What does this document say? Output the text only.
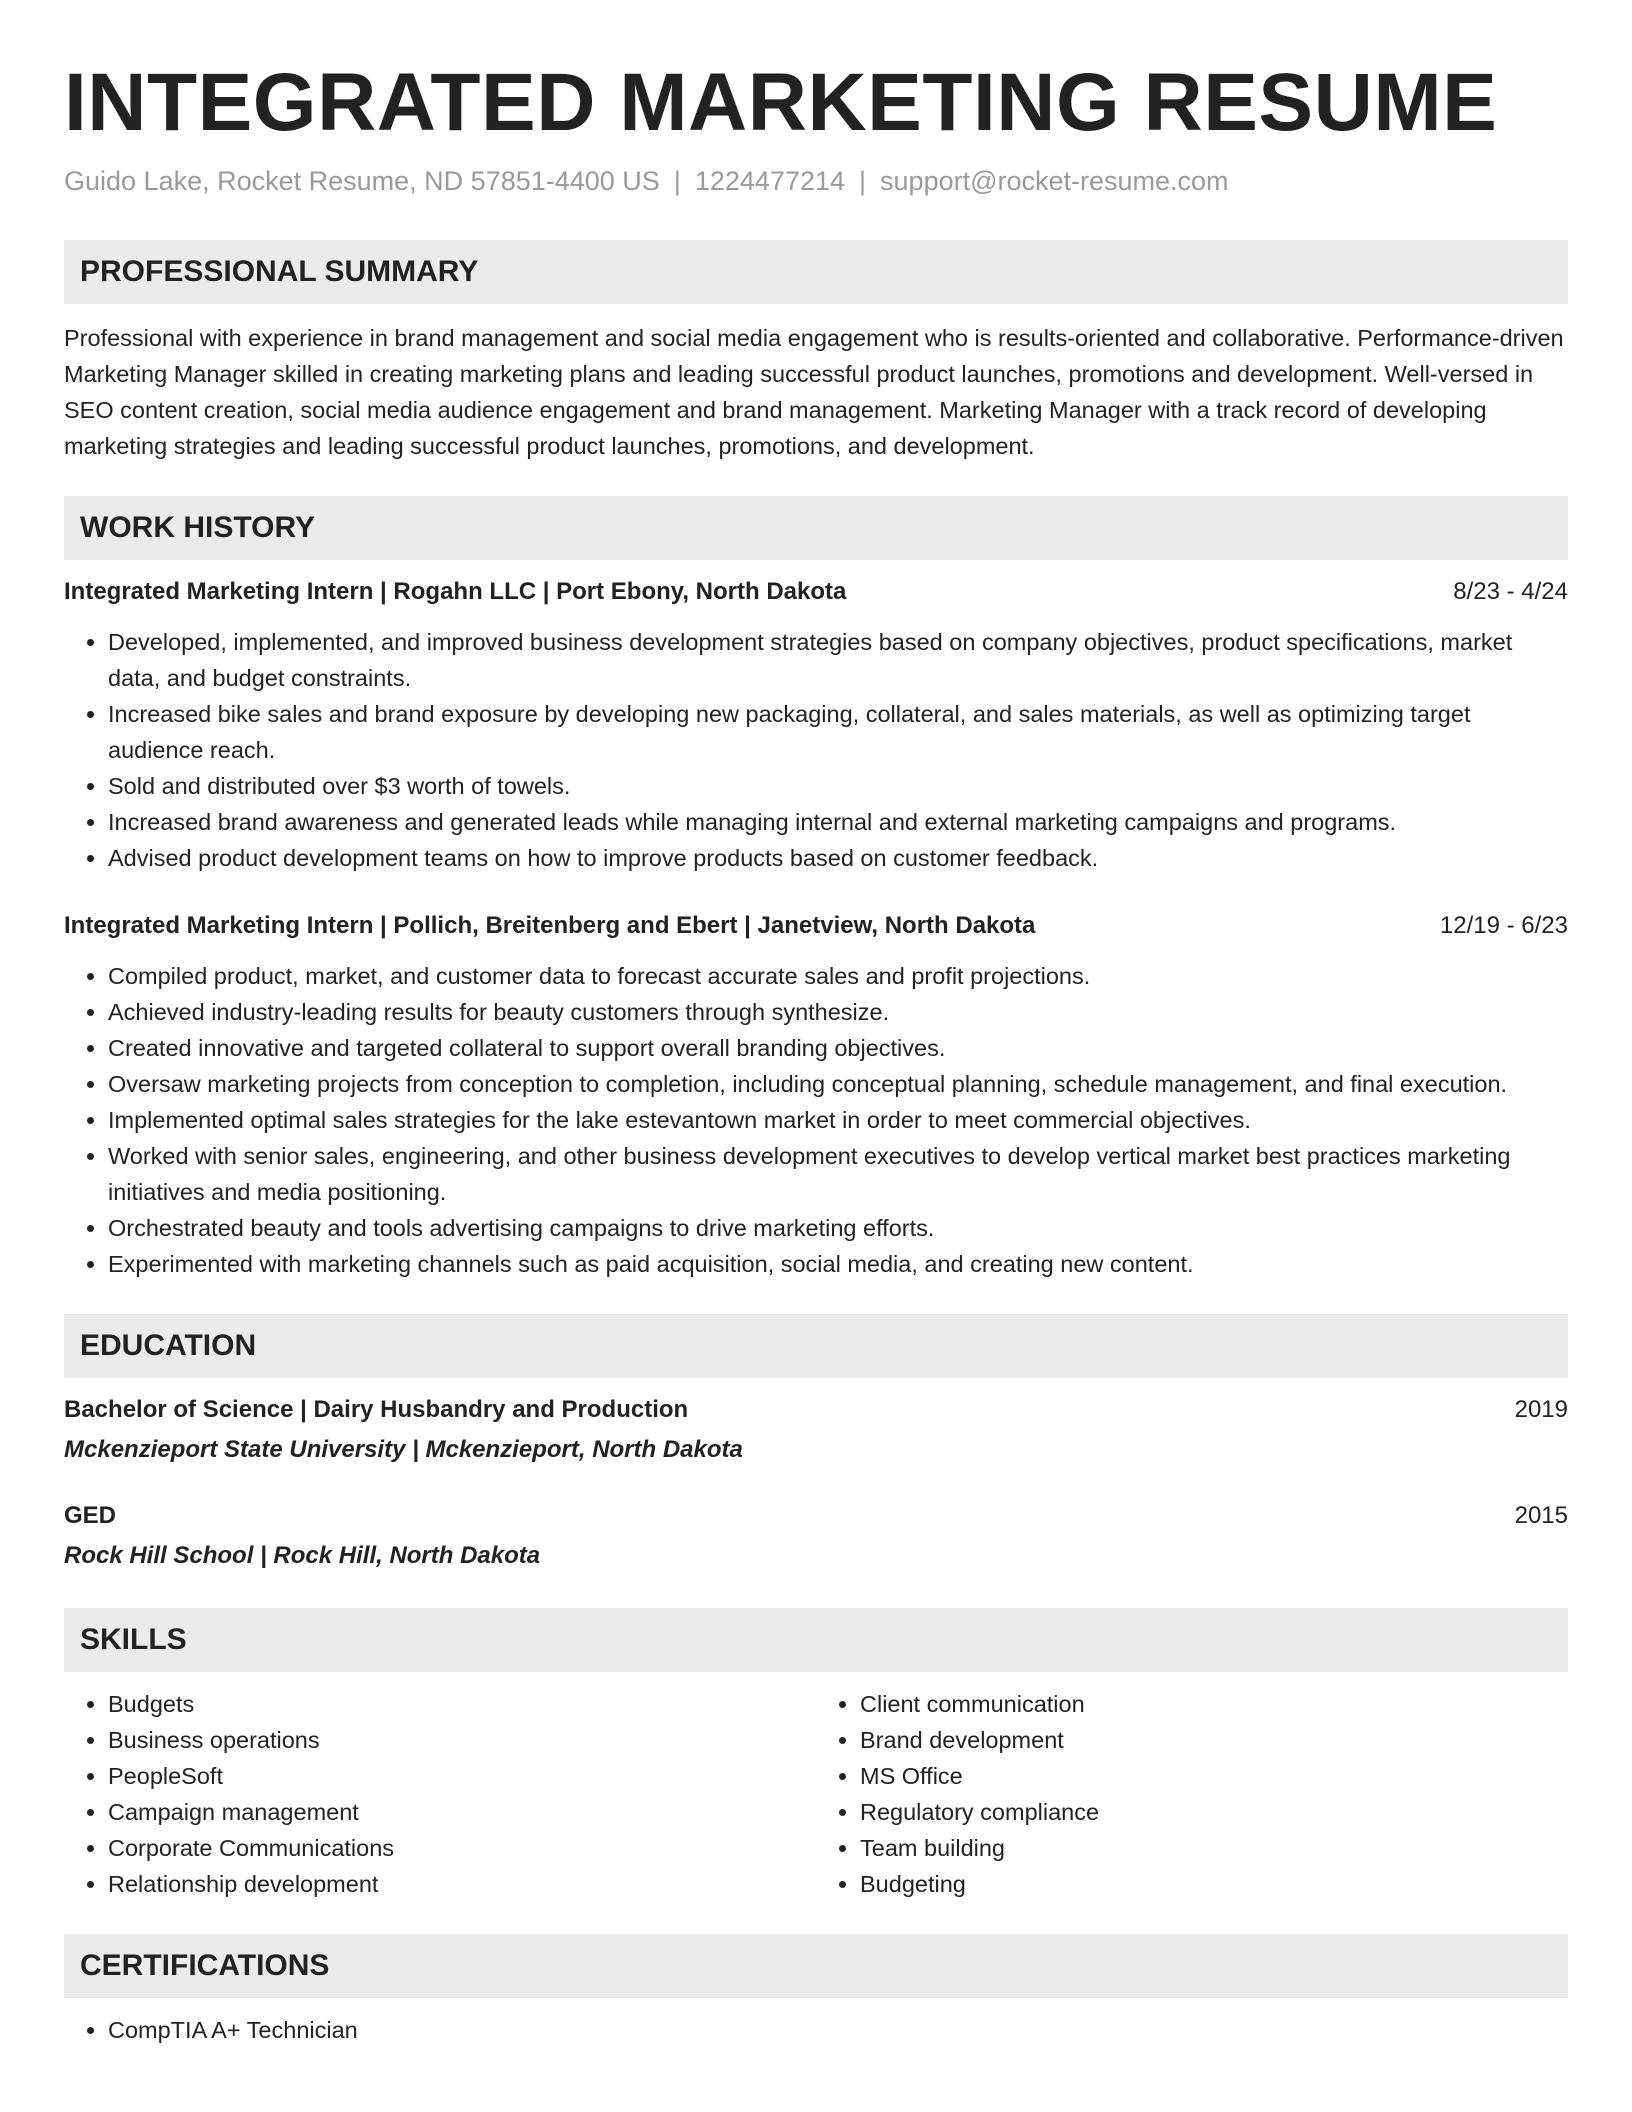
INTEGRATED MARKETING RESUME
Guido Lake, Rocket Resume, ND 57851-4400 US | 1224477214 | support@rocket-resume.com
PROFESSIONAL SUMMARY

Professional with experience in brand management and social media engagement who is results-oriented and collaborative. Performance-driven Marketing Manager skilled in creating marketing plans and leading successful product launches, promotions and development. Well-versed in SEO content creation, social media audience engagement and brand management. Marketing Manager with a track record of developing marketing strategies and leading successful product launches, promotions, and development.

WORK HISTORY
Integrated Marketing Intern | Rogahn LLC | Port Ebony, North Dakota	8/23 - 4/24
• Developed, implemented, and improved business development strategies based on company objectives, product specifications, market data, and budget constraints.
• Increased bike sales and brand exposure by developing new packaging, collateral, and sales materials, as well as optimizing target audience reach.
• Sold and distributed over $3 worth of towels.
• Increased brand awareness and generated leads while managing internal and external marketing campaigns and programs.
• Advised product development teams on how to improve products based on customer feedback.
Integrated Marketing Intern | Pollich, Breitenberg and Ebert | Janetview, North Dakota	12/19 - 6/23
• Compiled product, market, and customer data to forecast accurate sales and profit projections.
• Achieved industry-leading results for beauty customers through synthesize.
• Created innovative and targeted collateral to support overall branding objectives.
• Oversaw marketing projects from conception to completion, including conceptual planning, schedule management, and final execution.
• Implemented optimal sales strategies for the lake estevantown market in order to meet commercial objectives.
• Worked with senior sales, engineering, and other business development executives to develop vertical market best practices marketing initiatives and media positioning.
• Orchestrated beauty and tools advertising campaigns to drive marketing efforts.
• Experimented with marketing channels such as paid acquisition, social media, and creating new content.
EDUCATION
Bachelor of Science | Dairy Husbandry and Production	2019
Mckenzieport State University | Mckenzieport, North Dakota
GED	2015
Rock Hill School | Rock Hill, North Dakota
SKILLS
• Budgets
• Business operations
• PeopleSoft
• Campaign management
• Corporate Communications
• Relationship development
• Client communication
• Brand development
• MS Office
• Regulatory compliance
• Team building
• Budgeting
CERTIFICATIONS
• CompTIA A+ Technician
